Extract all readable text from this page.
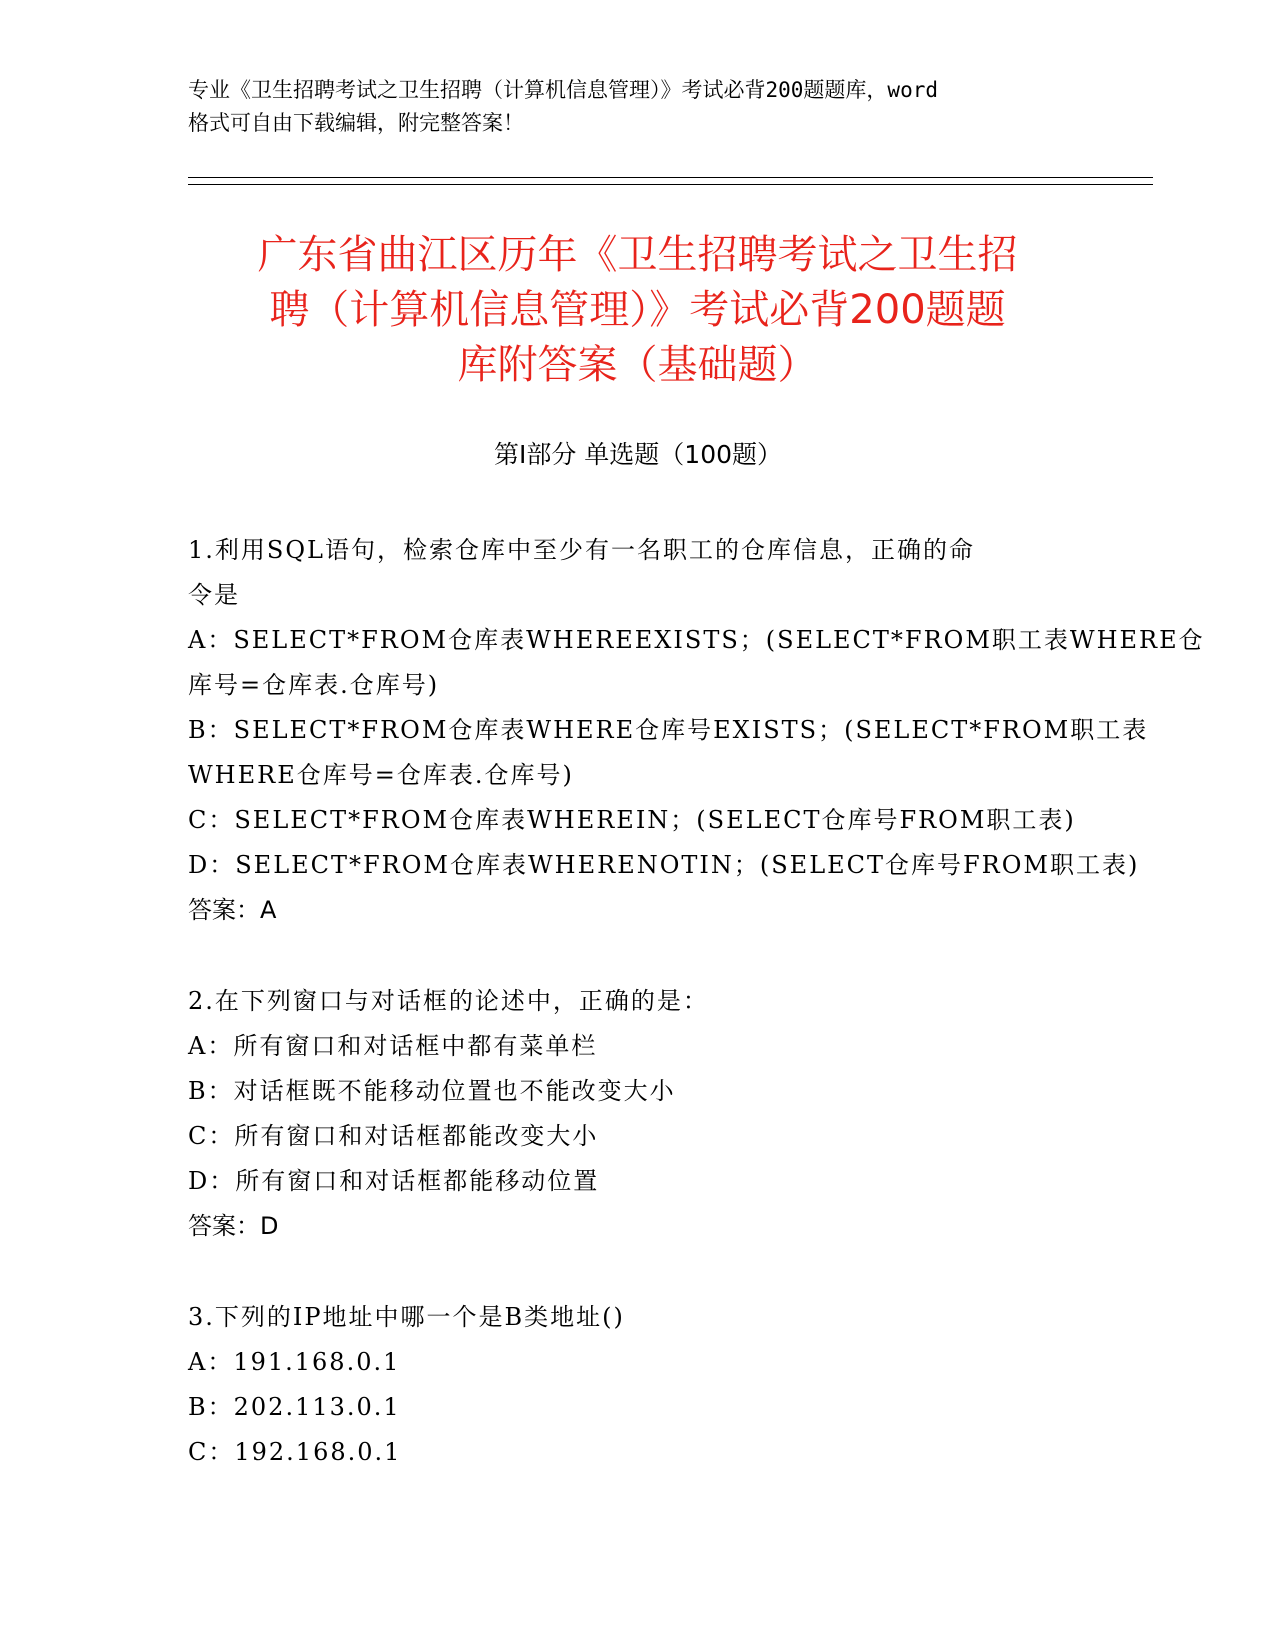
专业《卫生招聘考试之卫生招聘（计算机信息管理）》考试必背200题题库，word
格式可自由下载编辑，附完整答案！
广东省曲江区历年《卫生招聘考试之卫生招
聘（计算机信息管理）》考试必背200题题
库附答案（基础题）
第Ⅰ部分 单选题（100题）
1.利用SQL语句，检索仓库中至少有一名职工的仓库信息，正确的命
令是
A：SELECT*FROM仓库表WHEREEXISTS；(SELECT*FROM职工表WHERE仓
库号=仓库表.仓库号)
B：SELECT*FROM仓库表WHERE仓库号EXISTS；(SELECT*FROM职工表
WHERE仓库号=仓库表.仓库号)
C：SELECT*FROM仓库表WHEREIN；(SELECT仓库号FROM职工表)
D：SELECT*FROM仓库表WHERENOTIN；(SELECT仓库号FROM职工表)
答案：A
2.在下列窗口与对话框的论述中，正确的是：
A：所有窗口和对话框中都有菜单栏
B：对话框既不能移动位置也不能改变大小
C：所有窗口和对话框都能改变大小
D：所有窗口和对话框都能移动位置
答案：D
3.下列的IP地址中哪一个是B类地址()
A：191.168.0.1
B：202.113.0.1
C：192.168.0.1
